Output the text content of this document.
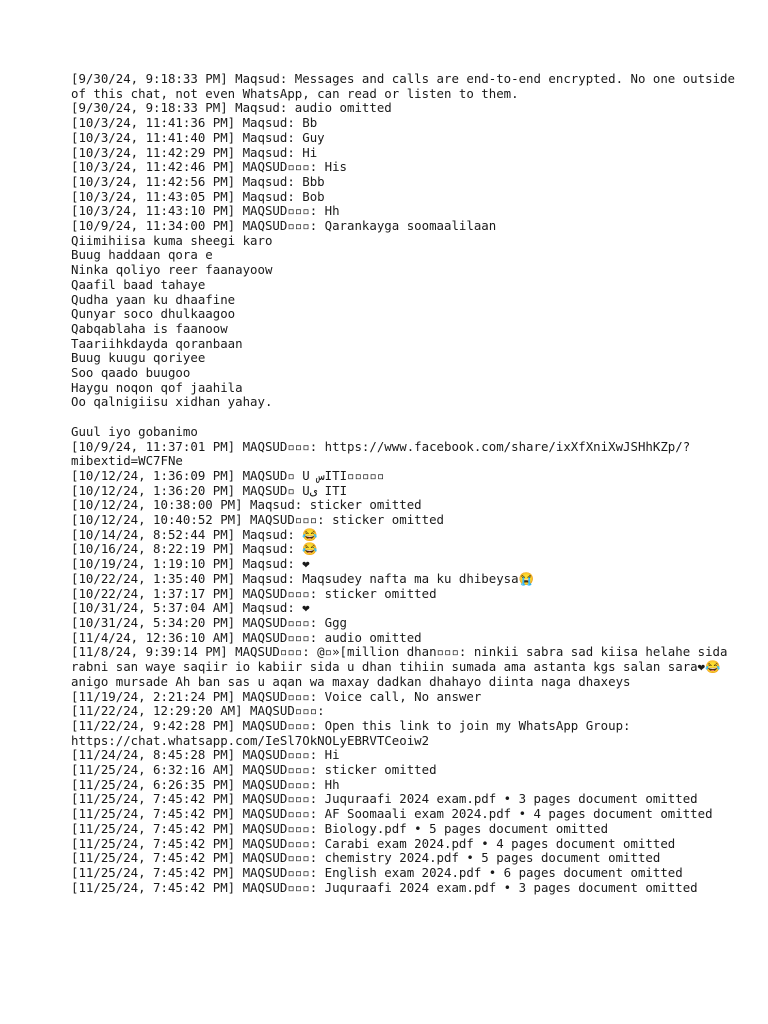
[9/30/24, 9:18:33 PM] Maqsud: Messages and calls are end-to-end encrypted. No one outside of this chat, not even WhatsApp, can read or listen to them.
[9/30/24, 9:18:33 PM] Maqsud: audio omitted
[10/3/24, 11:41:36 PM] Maqsud: Bb
[10/3/24, 11:41:40 PM] Maqsud: Guy
[10/3/24, 11:42:29 PM] Maqsud: Hi
[10/3/24, 11:42:46 PM] MAQSUD▫▫▫: His
[10/3/24, 11:42:56 PM] Maqsud: Bbb
[10/3/24, 11:43:05 PM] Maqsud: Bob
[10/3/24, 11:43:10 PM] MAQSUD▫▫▫: Hh
[10/9/24, 11:34:00 PM] MAQSUD▫▫▫: Qarankayga soomaalilaan
Qiimihiisa kuma sheegi karo
Buug haddaan qora e
Ninka qoliyo reer faanayoow
Qaafil baad tahaye
Qudha yaan ku dhaafine
Qunyar soco dhulkaagoo
Qabqablaha is faanoow
Taariihkdayda qoranbaan
Buug kuugu qoriyee
Soo qaado buugoo
Haygu noqon qof jaahila
Oo qalnigiisu xidhan yahay.
Guul iyo gobanimo
[10/9/24, 11:37:01 PM] MAQSUD▫▫▫: https://www.facebook.com/share/ixXfXniXwJSHhKZp/?mibextid=WC7FNe
[10/12/24, 1:36:09 PM] MAQSUD▫ U سITI▫▫▫▫▫
[10/12/24, 1:36:20 PM] MAQSUD▫ Uى ITI
[10/12/24, 10:38:00 PM] Maqsud: sticker omitted
[10/12/24, 10:40:52 PM] MAQSUD▫▫▫: sticker omitted
[10/14/24, 8:52:44 PM] Maqsud: 😂
[10/16/24, 8:22:19 PM] Maqsud: 😂
[10/19/24, 1:19:10 PM] Maqsud: ❤
[10/22/24, 1:35:40 PM] Maqsud: Maqsudey nafta ma ku dhibeysa😭
[10/22/24, 1:37:17 PM] MAQSUD▫▫▫: sticker omitted
[10/31/24, 5:37:04 AM] Maqsud: ❤
[10/31/24, 5:34:20 PM] MAQSUD▫▫▫: Ggg
[11/4/24, 12:36:10 AM] MAQSUD▫▫▫: audio omitted
[11/8/24, 9:39:14 PM] MAQSUD▫▫▫: @▫»[million dhan▫▫▫: ninkii sabra sad kiisa helahe sida rabni san waye saqiir io kabiir sida u dhan tihiin sumada ama astanta kgs salan sara❤😂anigo mursade Ah ban sas u aqan wa maxay dadkan dhahayo diinta naga dhaxeys
[11/19/24, 2:21:24 PM] MAQSUD▫▫▫: Voice call, No answer
[11/22/24, 12:29:20 AM] MAQSUD▫▫▫:
[11/22/24, 9:42:28 PM] MAQSUD▫▫▫: Open this link to join my WhatsApp Group: https://chat.whatsapp.com/IeSl7OkNOLyEBRVTCeoiw2
[11/24/24, 8:45:28 PM] MAQSUD▫▫▫: Hi
[11/25/24, 6:32:16 AM] MAQSUD▫▫▫: sticker omitted
[11/25/24, 6:26:35 PM] MAQSUD▫▫▫: Hh
[11/25/24, 7:45:42 PM] MAQSUD▫▫▫: Juquraafi 2024 exam.pdf • 3 pages document omitted
[11/25/24, 7:45:42 PM] MAQSUD▫▫▫: AF Soomaali exam 2024.pdf • 4 pages document omitted
[11/25/24, 7:45:42 PM] MAQSUD▫▫▫: Biology.pdf • 5 pages document omitted
[11/25/24, 7:45:42 PM] MAQSUD▫▫▫: Carabi exam 2024.pdf • 4 pages document omitted
[11/25/24, 7:45:42 PM] MAQSUD▫▫▫: chemistry 2024.pdf • 5 pages document omitted
[11/25/24, 7:45:42 PM] MAQSUD▫▫▫: English exam 2024.pdf • 6 pages document omitted
[11/25/24, 7:45:42 PM] MAQSUD▫▫▫: Juquraafi 2024 exam.pdf • 3 pages document omitted
